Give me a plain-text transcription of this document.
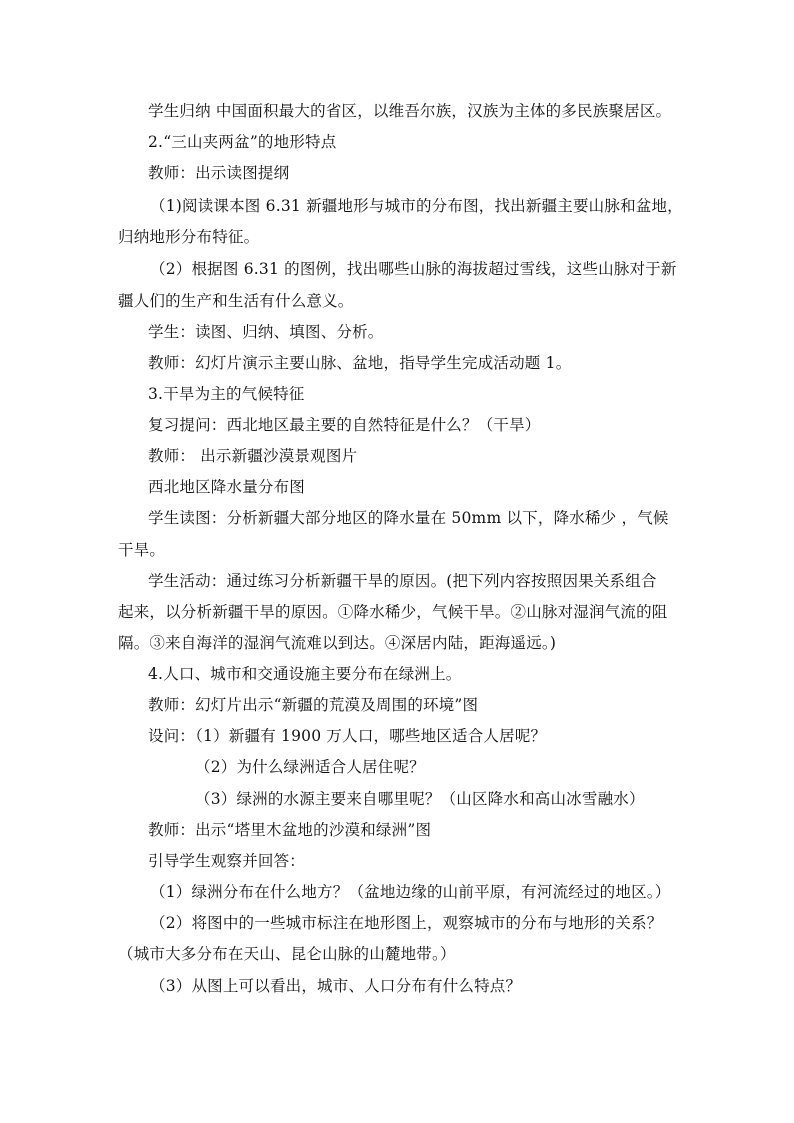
学生归纳 中国面积最大的省区，以维吾尔族，汉族为主体的多民族聚居区。
2.“三山夹两盆”的地形特点
教师：出示读图提纲
（1)阅读课本图 6.31 新疆地形与城市的分布图，找出新疆主要山脉和盆地，
归纳地形分布特征。
（2）根据图 6.31 的图例，找出哪些山脉的海拔超过雪线，这些山脉对于新
疆人们的生产和生活有什么意义。
学生：读图、归纳、填图、分析。
教师：幻灯片演示主要山脉、盆地，指导学生完成活动题 1。
3.干旱为主的气候特征
复习提问：西北地区最主要的自然特征是什么？（干旱）
教师： 出示新疆沙漠景观图片
西北地区降水量分布图
学生读图：分析新疆大部分地区的降水量在 50mm 以下，降水稀少 ，气候
干旱。
学生活动：通过练习分析新疆干旱的原因。(把下列内容按照因果关系组合
起来，以分析新疆干旱的原因。①降水稀少，气候干旱。②山脉对湿润气流的阻
隔。③来自海洋的湿润气流难以到达。④深居内陆，距海遥远。)
4.人口、城市和交通设施主要分布在绿洲上。
教师：幻灯片出示“新疆的荒漠及周围的环境”图
设问：（1）新疆有 1900 万人口，哪些地区适合人居呢？
（2）为什么绿洲适合人居住呢？
（3）绿洲的水源主要来自哪里呢？（山区降水和高山冰雪融水）
教师：出示“塔里木盆地的沙漠和绿洲”图
引导学生观察并回答：
（1）绿洲分布在什么地方？（盆地边缘的山前平原，有河流经过的地区。）
（2）将图中的一些城市标注在地形图上，观察城市的分布与地形的关系？
（城市大多分布在天山、昆仑山脉的山麓地带。）
（3）从图上可以看出，城市、人口分布有什么特点？
